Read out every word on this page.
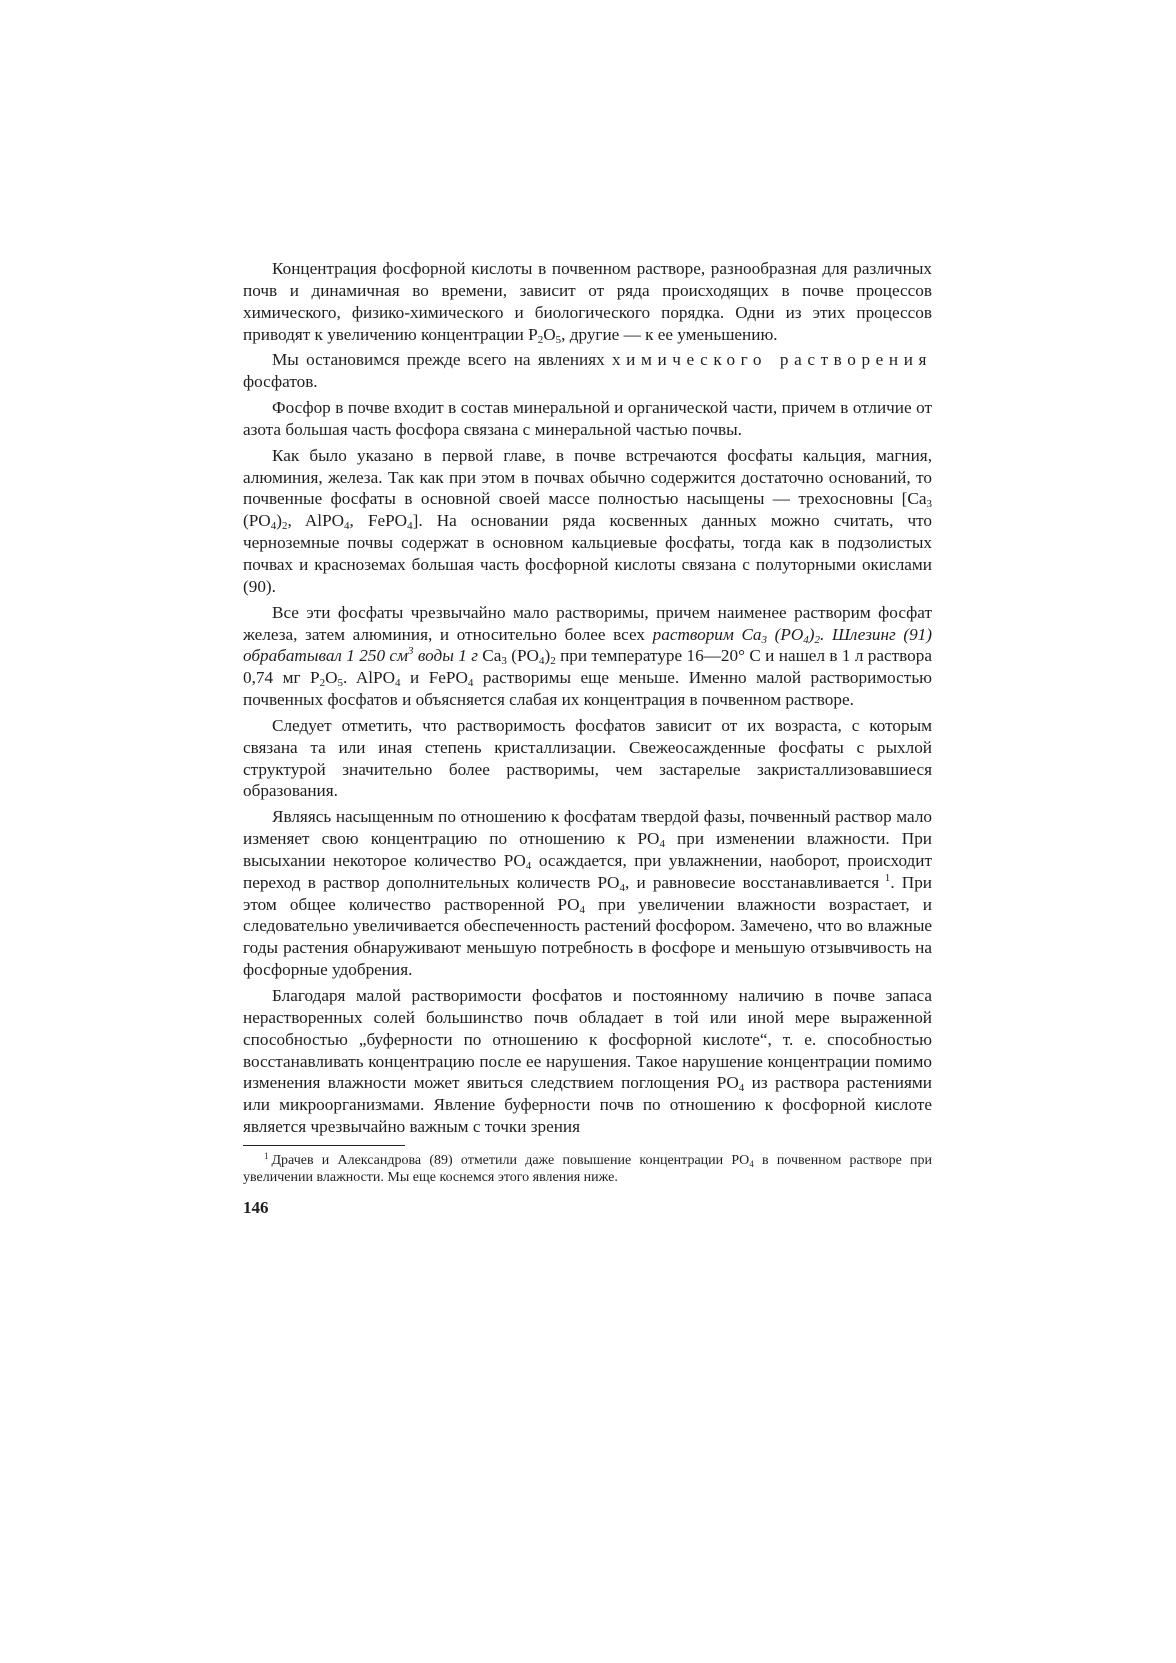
Концентрация фосфорной кислоты в почвенном растворе, разнообразная для различных почв и динамичная во времени, зависит от ряда происходящих в почве процессов химического, физико-химического и биологического порядка. Одни из этих процессов приводят к увеличению концентрации $P_2O_5$, другие — к ее уменьшению.

Мы остановимся прежде всего на явлениях химического растворения фосфатов.

Фосфор в почве входит в состав минеральной и органической части, причем в отличие от азота большая часть фосфора связана с минеральной частью почвы.

Как было указано в первой главе, в почве встречаются фосфаты кальция, магния, алюминия, железа. Так как при этом в почвах обычно содержится достаточно оснований, то почвенные фосфаты в основной своей массе полностью насыщены — трехосновны [$Ca_3$ $(PO_4)_2$, AlPO$_4$, FePO$_4$]. На основании ряда косвенных данных можно считать, что черноземные почвы содержат в основном кальциевые фосфаты, тогда как в подзолистых почвах и красноземах большая часть фосфорной кислоты связана с полуторными окислами (90).

Все эти фосфаты чрезвычайно мало растворимы, причем наименее растворим фосфат железа, затем алюминия, и относительно более всех растворим $Ca_3$ $(PO_4)_2$. Шлезинг (91) обрабатывал 1 250 $см^3$ воды 1 г $Ca_3$ $(PO_4)_2$ при температуре 16—20° С и нашел в 1 л раствора 0,74 мг $P_2O_5$. AlPO$_4$ и FePO$_4$ растворимы еще меньше. Именно малой растворимостью почвенных фосфатов и объясняется слабая их концентрация в почвенном растворе.

Следует отметить, что растворимость фосфатов зависит от их возраста, с которым связана та или иная степень кристаллизации. Свежеосажденные фосфаты с рыхлой структурой значительно более растворимы, чем застарелые закристаллизовавшиеся образования.

Являясь насыщенным по отношению к фосфатам твердой фазы, почвенный раствор мало изменяет свою концентрацию по отношению к $PO_4$ при изменении влажности. При высыхании некоторое количество $PO_4$ осаждается, при увлажнении, наоборот, происходит переход в раствор дополнительных количеств $PO_4$, и равновесие восстанавливается $^1$. При этом общее количество растворенной $PO_4$ при увеличении влажности возрастает, и следовательно увеличивается обеспеченность растений фосфором. Замечено, что во влажные годы растения обнаруживают меньшую потребность в фосфоре и меньшую отзывчивость на фосфорные удобрения.

Благодаря малой растворимости фосфатов и постоянному наличию в почве запаса нерастворенных солей большинство почв обладает в той или иной мере выраженной способностью „буферности по отношению к фосфорной кислоте“, т. е. способностью восстанавливать концентрацию после ее нарушения. Такое нарушение концентрации помимо изменения влажности может явиться следствием поглощения $PO_4$ из раствора растениями или микроорганизмами. Явление буферности почв по отношению к фосфорной кислоте является чрезвычайно важным с точки зрения

$^1$ Драчев и Александрова (89) отметили даже повышение концентрации $PO_4$ в почвенном растворе при увеличении влажности. Мы еще коснемся этого явления ниже.

146
